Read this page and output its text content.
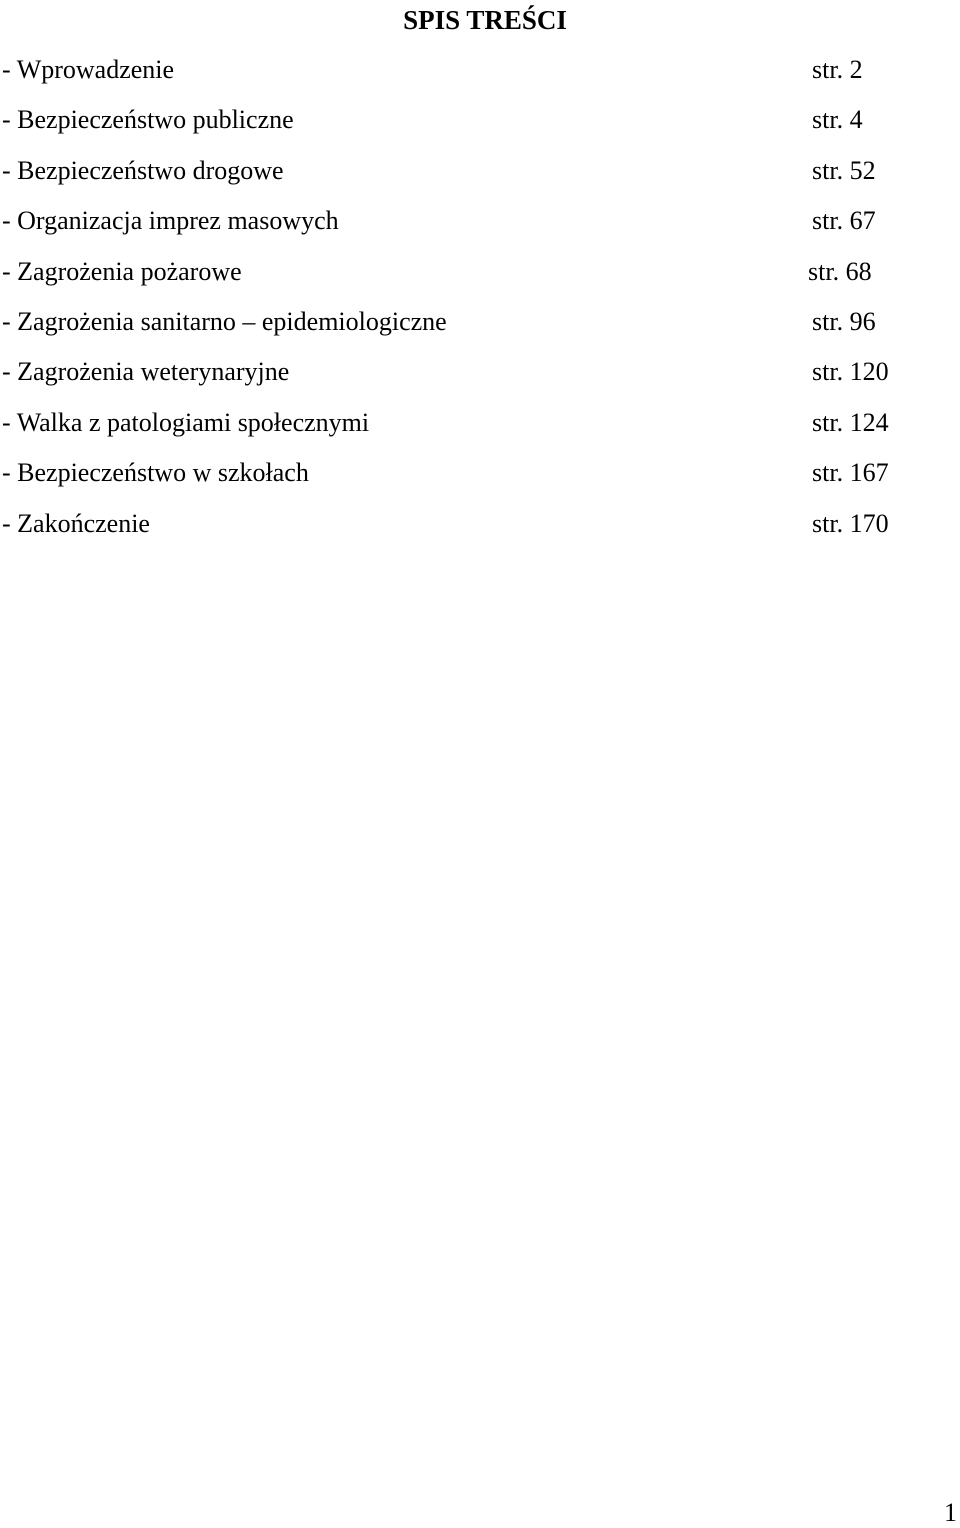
SPIS TREŚCI
- Wprowadzenie	str. 2
- Bezpieczeństwo publiczne	str. 4
- Bezpieczeństwo drogowe	str. 52
- Organizacja imprez masowych	str. 67
- Zagrożenia pożarowe	str. 68
- Zagrożenia sanitarno – epidemiologiczne	str. 96
- Zagrożenia weterynaryjne	str. 120
- Walka z patologiami społecznymi	str. 124
- Bezpieczeństwo w szkołach	str. 167
- Zakończenie	str. 170
1
